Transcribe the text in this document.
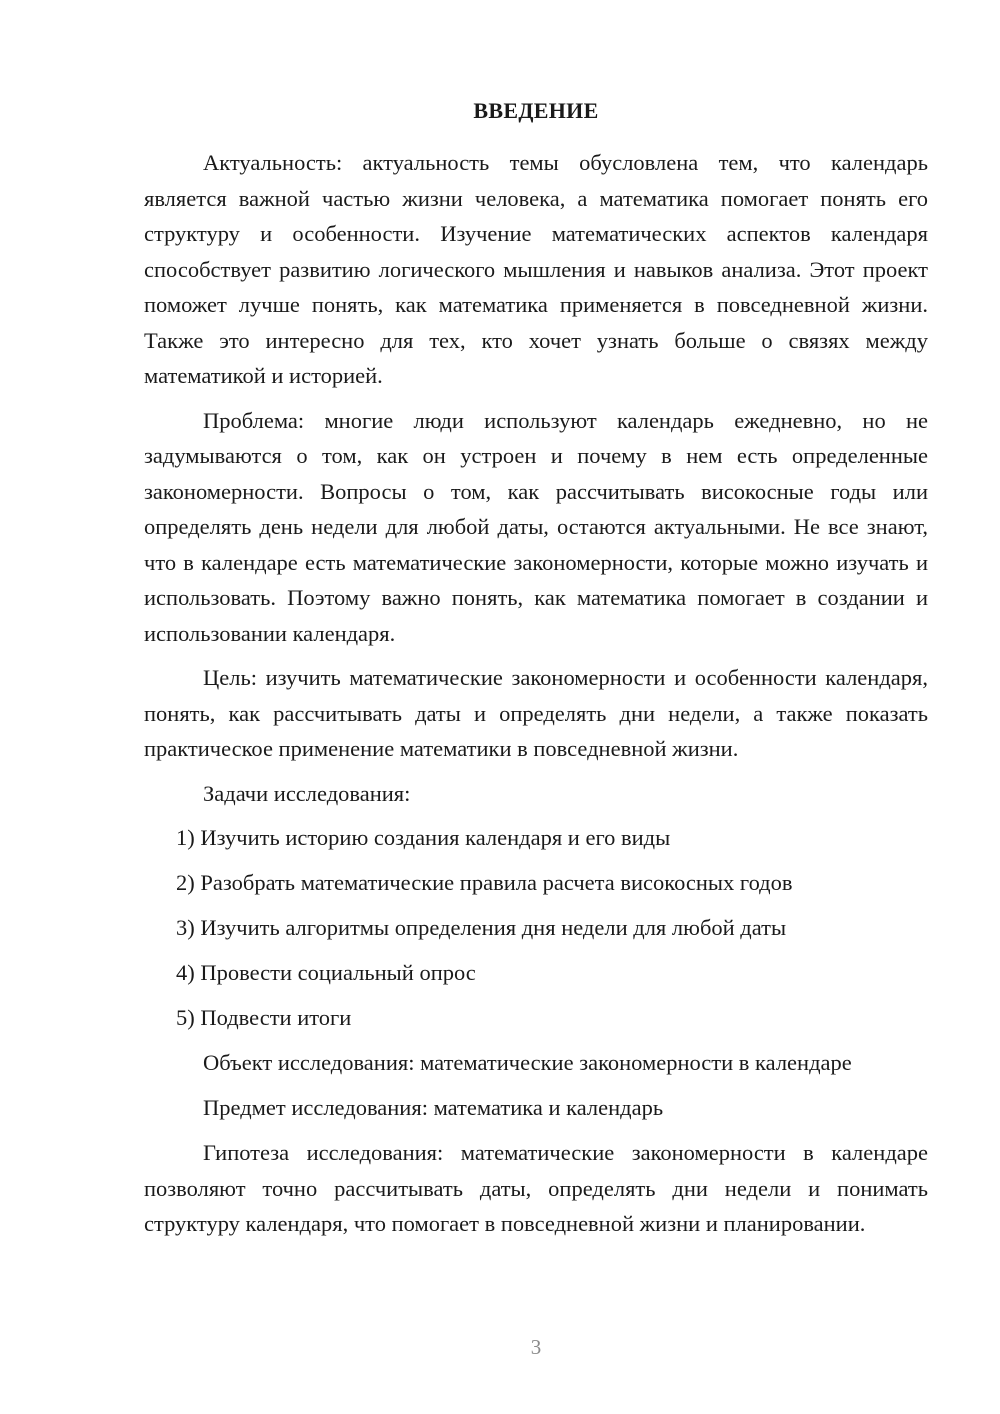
ВВЕДЕНИЕ

Актуальность: актуальность темы обусловлена тем, что календарь является важной частью жизни человека, а математика помогает понять его структуру и особенности. Изучение математических аспектов календаря способствует развитию логического мышления и навыков анализа. Этот проект поможет лучше понять, как математика применяется в повседневной жизни. Также это интересно для тех, кто хочет узнать больше о связях между математикой и историей.

Проблема: многие люди используют календарь ежедневно, но не задумываются о том, как он устроен и почему в нем есть определенные закономерности. Вопросы о том, как рассчитывать високосные годы или определять день недели для любой даты, остаются актуальными. Не все знают, что в календаре есть математические закономерности, которые можно изучать и использовать. Поэтому важно понять, как математика помогает в создании и использовании календаря.

Цель: изучить математические закономерности и особенности календаря, понять, как рассчитывать даты и определять дни недели, а также показать практическое применение математики в повседневной жизни.

Задачи исследования:

1) Изучить историю создания календаря и его виды
2) Разобрать математические правила расчета високосных годов
3) Изучить алгоритмы определения дня недели для любой даты
4) Провести социальный опрос
5) Подвести итоги

Объект исследования: математические закономерности в календаре

Предмет исследования: математика и календарь

Гипотеза исследования: математические закономерности в календаре позволяют точно рассчитывать даты, определять дни недели и понимать структуру календаря, что помогает в повседневной жизни и планировании.

3
